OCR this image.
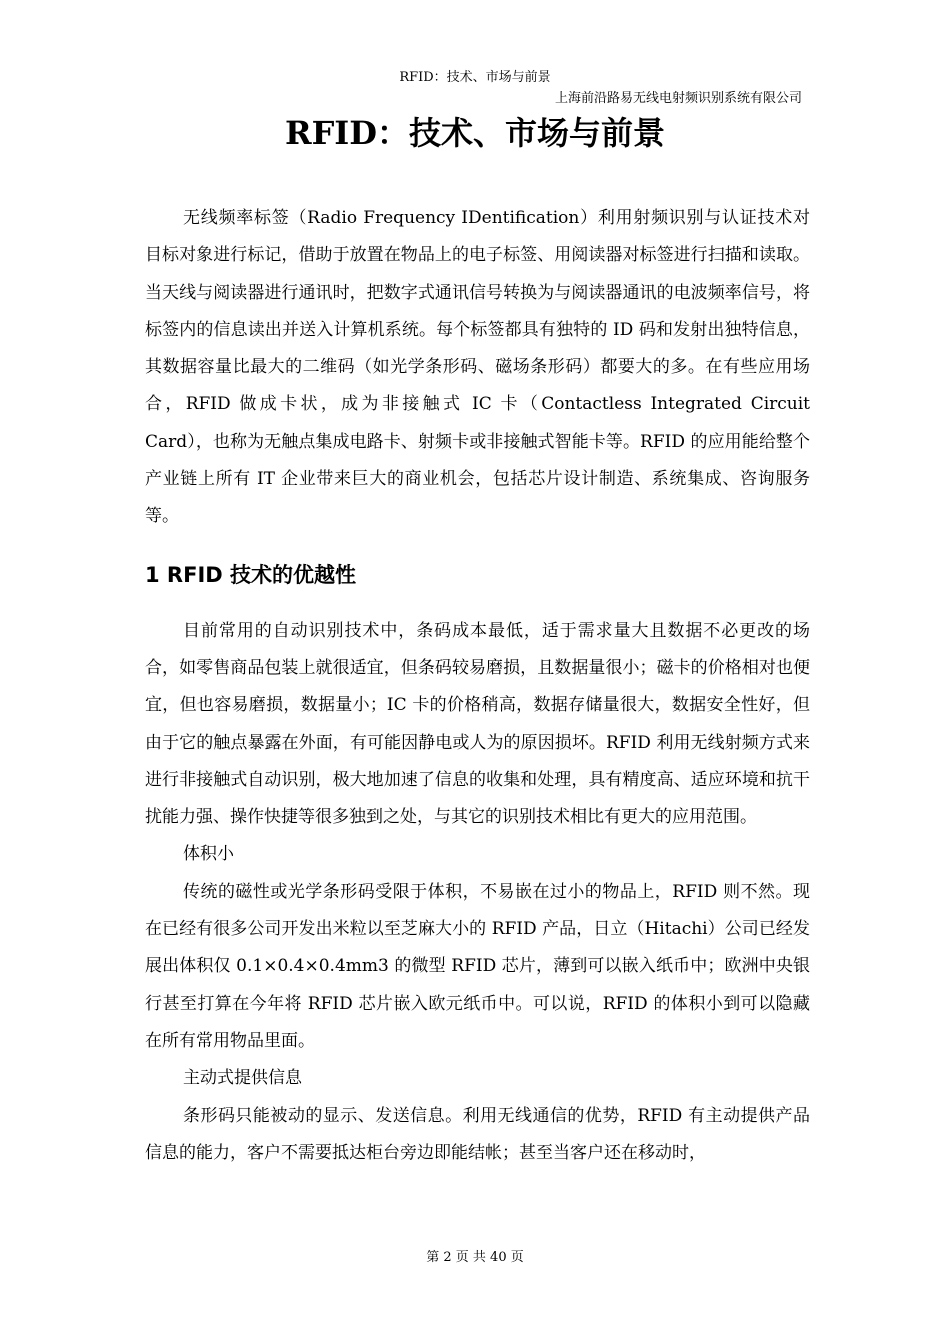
RFID：技术、市场与前景
上海前沿路易无线电射频识别系统有限公司
RFID：技术、市场与前景

无线频率标签（Radio Frequency IDentification）利用射频识别与认证技术对目标对象进行标记，借助于放置在物品上的电子标签、用阅读器对标签进行扫描和读取。当天线与阅读器进行通讯时，把数字式通讯信号转换为与阅读器通讯的电波频率信号，将标签内的信息读出并送入计算机系统。每个标签都具有独特的 ID 码和发射出独特信息，其数据容量比最大的二维码（如光学条形码、磁场条形码）都要大的多。在有些应用场合，RFID 做成卡状，成为非接触式 IC 卡（Contactless Integrated Circuit Card），也称为无触点集成电路卡、射频卡或非接触式智能卡等。RFID 的应用能给整个产业链上所有 IT 企业带来巨大的商业机会，包括芯片设计制造、系统集成、咨询服务等。

1 RFID 技术的优越性

目前常用的自动识别技术中，条码成本最低，适于需求量大且数据不必更改的场合，如零售商品包装上就很适宜，但条码较易磨损，且数据量很小；磁卡的价格相对也便宜，但也容易磨损，数据量小；IC 卡的价格稍高，数据存储量很大，数据安全性好，但由于它的触点暴露在外面，有可能因静电或人为的原因损坏。RFID 利用无线射频方式来进行非接触式自动识别，极大地加速了信息的收集和处理，具有精度高、适应环境和抗干扰能力强、操作快捷等很多独到之处，与其它的识别技术相比有更大的应用范围。

体积小

传统的磁性或光学条形码受限于体积，不易嵌在过小的物品上，RFID 则不然。现在已经有很多公司开发出米粒以至芝麻大小的 RFID 产品，日立（Hitachi）公司已经发展出体积仅 0.1×0.4×0.4mm3 的微型 RFID 芯片，薄到可以嵌入纸币中；欧洲中央银行甚至打算在今年将 RFID 芯片嵌入欧元纸币中。可以说，RFID 的体积小到可以隐藏在所有常用物品里面。

主动式提供信息

条形码只能被动的显示、发送信息。利用无线通信的优势，RFID 有主动提供产品信息的能力，客户不需要抵达柜台旁边即能结帐；甚至当客户还在移动时，

第 2 页 共 40 页
